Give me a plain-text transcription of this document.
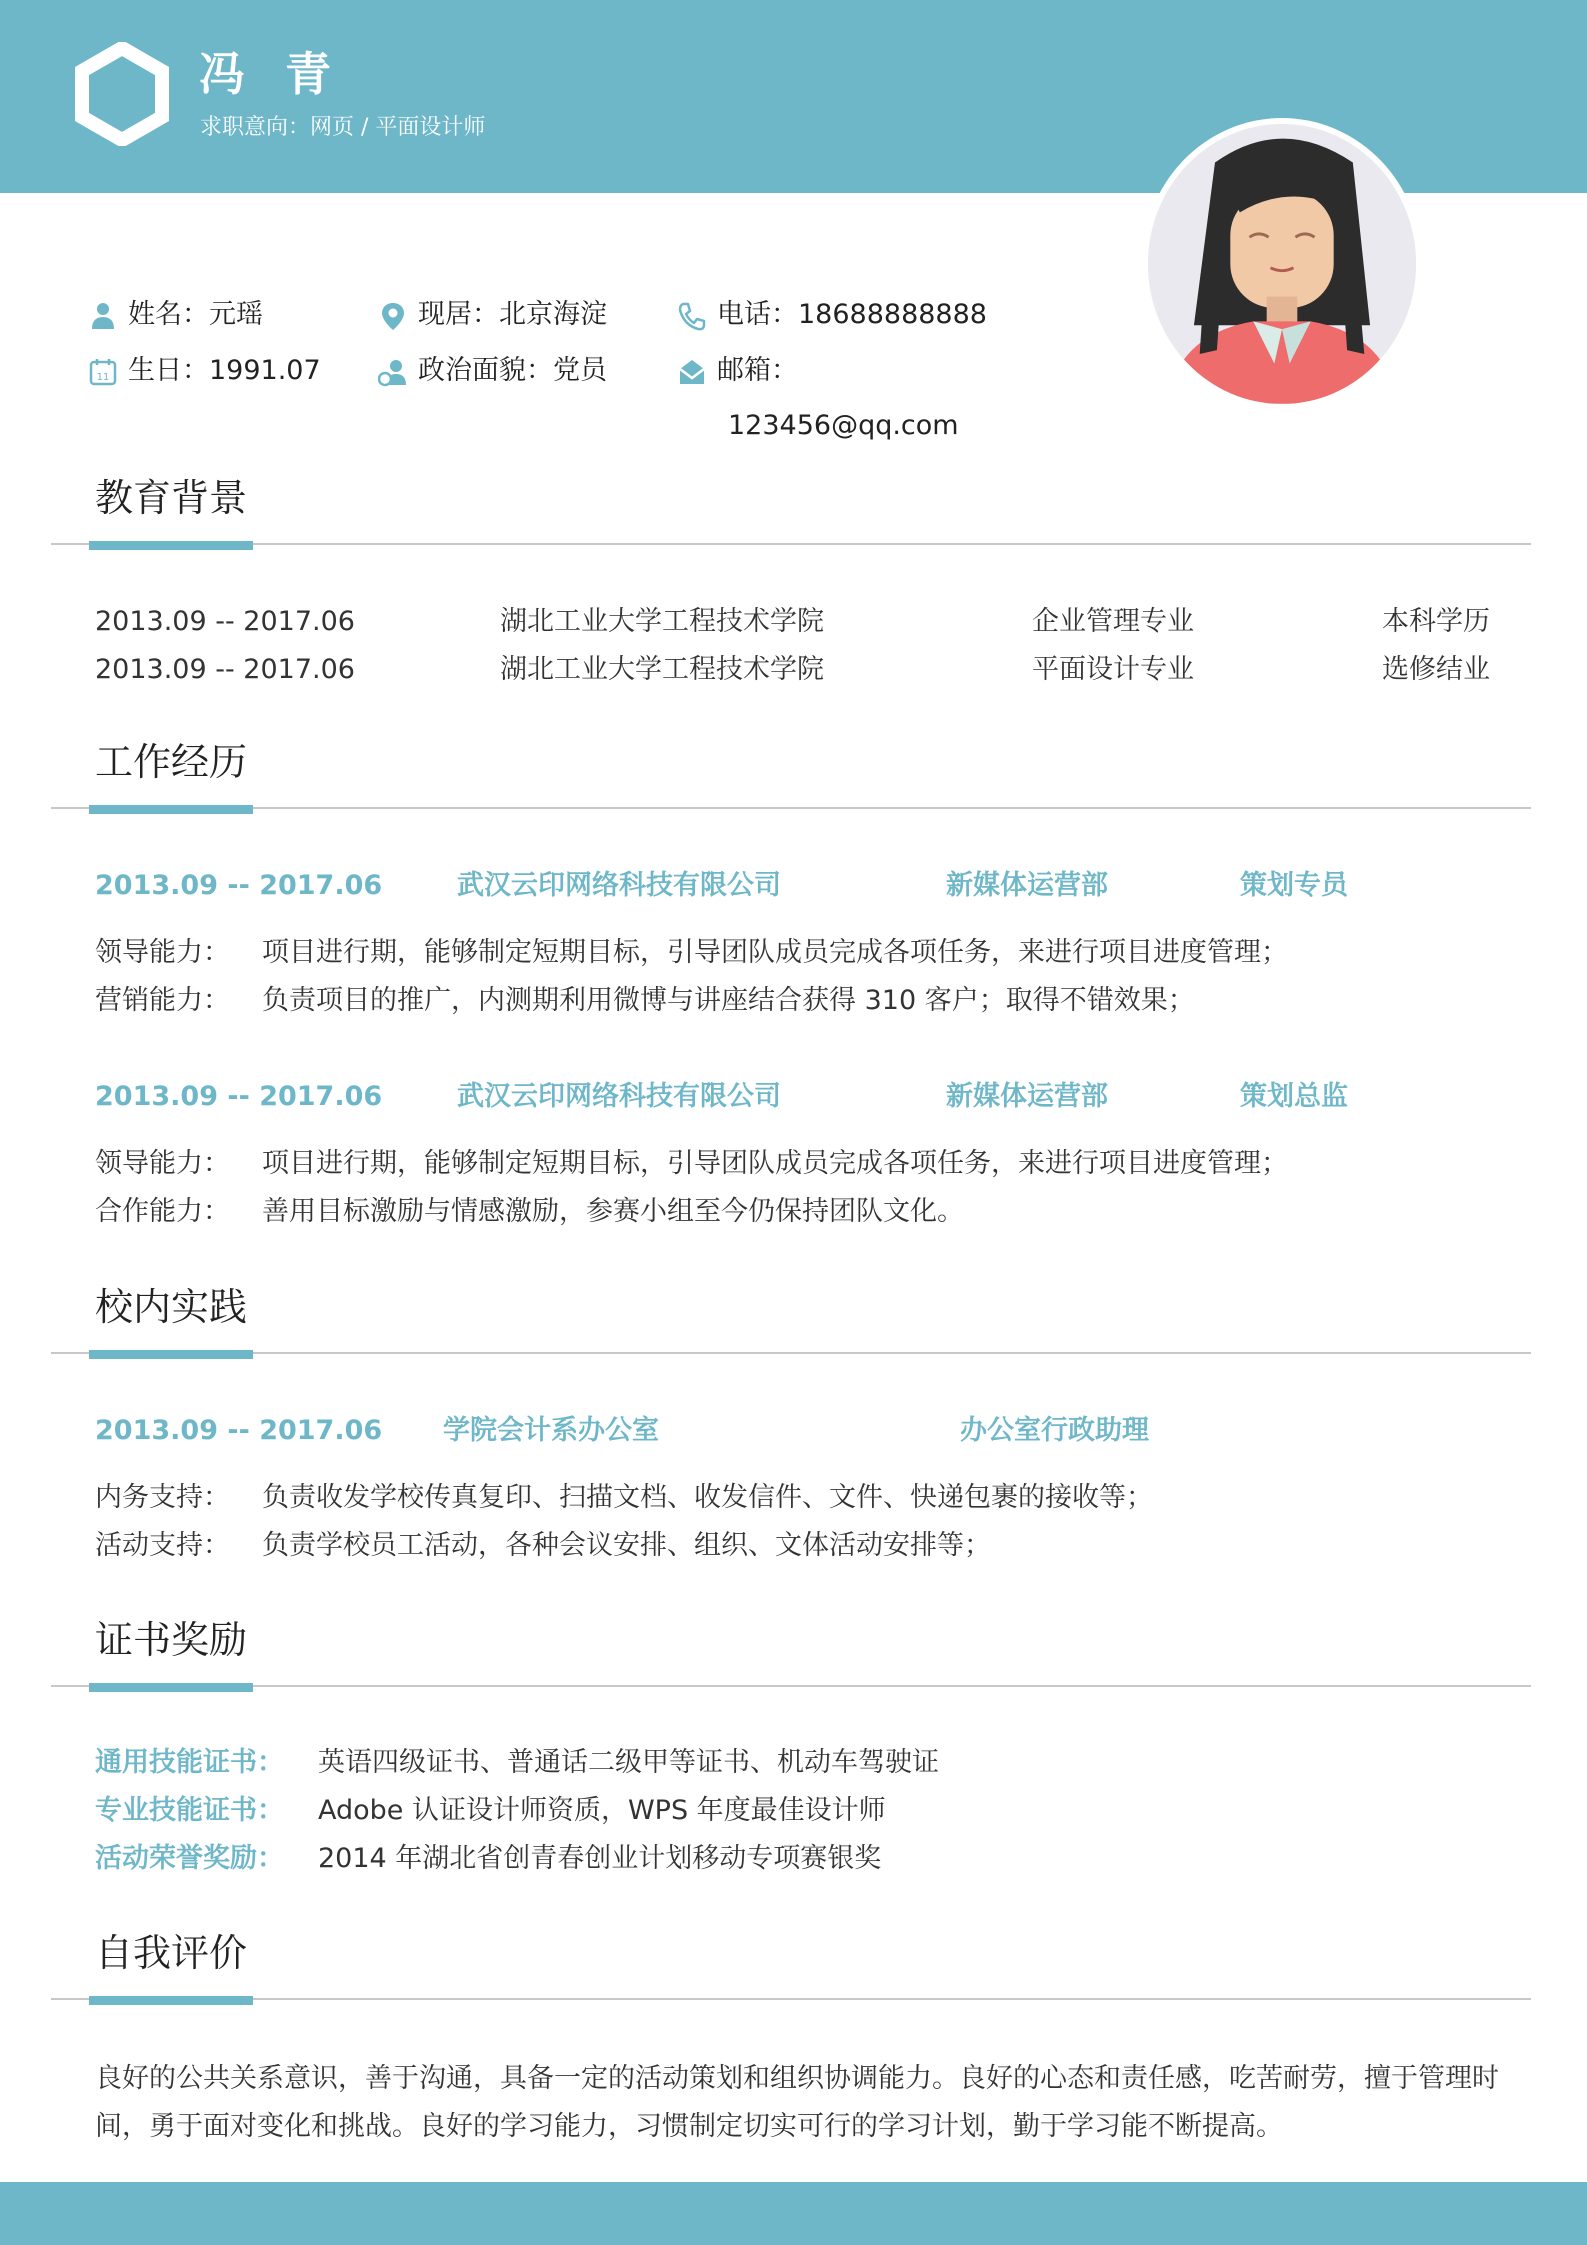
冯 青
求职意向：网页 / 平面设计师
姓名：元瑶
11 生日：1991.07
现居：北京海淀
政治面貌：党员
电话：18688888888
邮箱：
123456@qq.com
教育背景
2013.09 -- 2017.06	湖北工业大学工程技术学院	企业管理专业	本科学历
2013.09 -- 2017.06	湖北工业大学工程技术学院	平面设计专业	选修结业
工作经历
2013.09 -- 2017.06	武汉云印网络科技有限公司	新媒体运营部	策划专员
领导能力： 项目进行期，能够制定短期目标，引导团队成员完成各项任务，来进行项目进度管理；
营销能力： 负责项目的推广，内测期利用微博与讲座结合获得 310 客户；取得不错效果；
2013.09 -- 2017.06	武汉云印网络科技有限公司	新媒体运营部	策划总监
领导能力： 项目进行期，能够制定短期目标，引导团队成员完成各项任务，来进行项目进度管理；
合作能力： 善用目标激励与情感激励，参赛小组至今仍保持团队文化。
校内实践
2013.09 -- 2017.06 学院会计系办公室	办公室行政助理
内务支持： 负责收发学校传真复印、扫描文档、收发信件、文件、快递包裹的接收等；
活动支持： 负责学校员工活动，各种会议安排、组织、文体活动安排等；
证书奖励
通用技能证书： 英语四级证书、普通话二级甲等证书、机动车驾驶证
专业技能证书： Adobe 认证设计师资质，WPS 年度最佳设计师
活动荣誉奖励： 2014 年湖北省创青春创业计划移动专项赛银奖
自我评价
良好的公共关系意识，善于沟通，具备一定的活动策划和组织协调能力。良好的心态和责任感，吃苦耐劳，擅于管理时间，勇于面对变化和挑战。良好的学习能力，习惯制定切实可行的学习计划，勤于学习能不断提高。
